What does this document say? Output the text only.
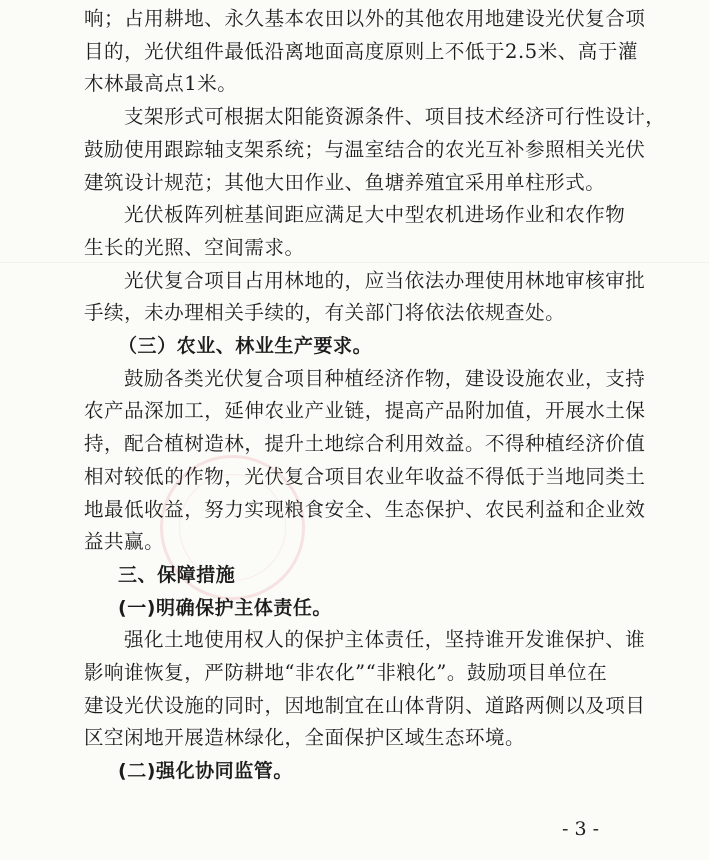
响；占用耕地、永久基本农田以外的其他农用地建设光伏复合项
目的，光伏组件最低沿离地面高度原则上不低于2.5米、高于灌
木林最高点1米。
支架形式可根据太阳能资源条件、项目技术经济可行性设计，
鼓励使用跟踪轴支架系统；与温室结合的农光互补参照相关光伏
建筑设计规范；其他大田作业、鱼塘养殖宜采用单柱形式。
光伏板阵列桩基间距应满足大中型农机进场作业和农作物
生长的光照、空间需求。
光伏复合项目占用林地的，应当依法办理使用林地审核审批
手续，未办理相关手续的，有关部门将依法依规查处。
（三）农业、林业生产要求。
鼓励各类光伏复合项目种植经济作物，建设设施农业，支持
农产品深加工，延伸农业产业链，提高产品附加值，开展水土保
持，配合植树造林，提升土地综合利用效益。不得种植经济价值
相对较低的作物，光伏复合项目农业年收益不得低于当地同类土
地最低收益，努力实现粮食安全、生态保护、农民利益和企业效
益共赢。
三、保障措施
(一)明确保护主体责任。
强化土地使用权人的保护主体责任，坚持谁开发谁保护、谁
影响谁恢复，严防耕地“非农化”“非粮化”。鼓励项目单位在
建设光伏设施的同时，因地制宜在山体背阴、道路两侧以及项目
区空闲地开展造林绿化，全面保护区域生态环境。
(二)强化协同监管。
- 3 -
